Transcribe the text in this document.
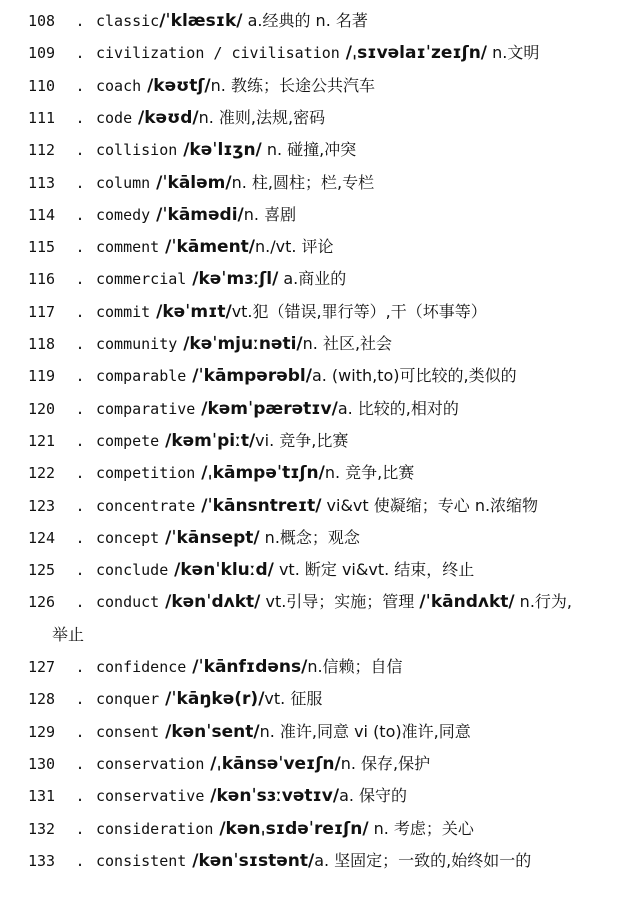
108 . classic/ˈklæsɪk/ a.经典的 n. 名著
109 . civilization / civilisation /ˌsɪvəlaɪˈzeɪʃn/ n.文明
110 . coach /kəʊtʃ/n. 教练；长途公共汽车
111 . code /kəʊd/n. 准则,法规,密码
112 . collision /kəˈlɪʒn/ n. 碰撞,冲突
113 . column /ˈkāləm/n. 柱,圆柱；栏,专栏
114 . comedy /ˈkāmədi/n. 喜剧
115 . comment /ˈkāment/n./vt. 评论
116 . commercial /kəˈmɜːʃl/ a.商业的
117 . commit /kəˈmɪt/vt.犯（错误,罪行等）,干（坏事等）
118 . community /kəˈmjuːnəti/n. 社区,社会
119 . comparable /ˈkāmpərəbl/a. (with,to)可比较的,类似的
120 . comparative /kəmˈpærətɪv/a. 比较的,相对的
121 . compete /kəmˈpiːt/vi. 竞争,比赛
122 . competition /ˌkāmpəˈtɪʃn/n. 竞争,比赛
123 . concentrate /ˈkānsntreɪt/ vi&vt 使凝缩；专心 n.浓缩物
124 . concept /ˈkānsept/ n.概念；观念
125 . conclude /kənˈkluːd/ vt. 断定 vi&vt. 结束，终止
126 . conduct /kənˈdʌkt/ vt.引导；实施；管理 /ˈkāndʌkt/ n.行为,
举止
127 . confidence /ˈkānfɪdəns/n.信赖；自信
128 . conquer /ˈkāŋkə(r)/vt. 征服
129 . consent /kənˈsent/n. 准许,同意 vi (to)准许,同意
130 . conservation /ˌkānsəˈveɪʃn/n. 保存,保护
131 . conservative /kənˈsɜːvətɪv/a. 保守的
132 . consideration /kənˌsɪdəˈreɪʃn/ n. 考虑；关心
133 . consistent /kənˈsɪstənt/a. 坚固定；一致的,始终如一的
